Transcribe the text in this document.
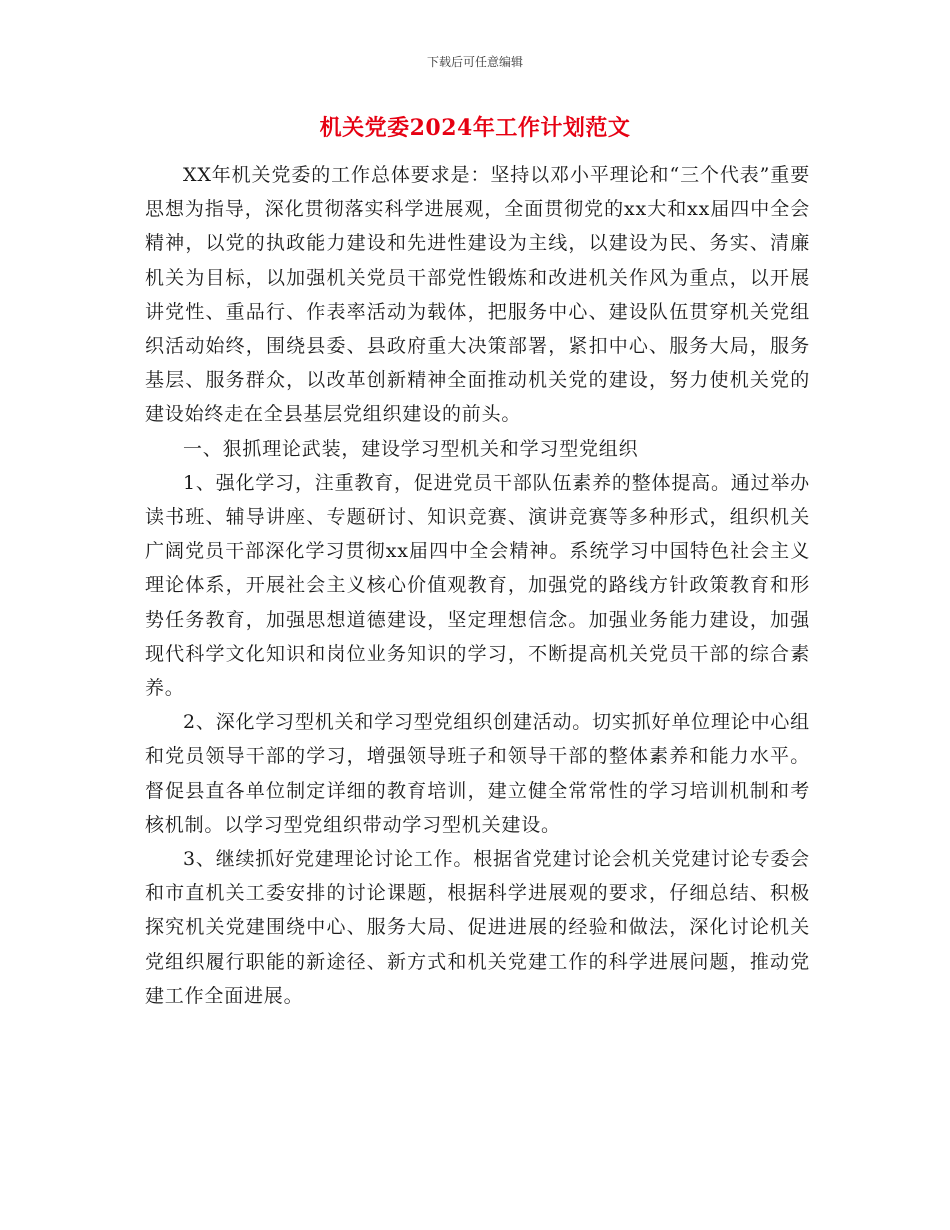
下载后可任意编辑
机关党委2024年工作计划范文

XX年机关党委的工作总体要求是：坚持以邓小平理论和“三个代表”重要思想为指导，深化贯彻落实科学进展观，全面贯彻党的xx大和xx届四中全会精神，以党的执政能力建设和先进性建设为主线，以建设为民、务实、清廉机关为目标，以加强机关党员干部党性锻炼和改进机关作风为重点，以开展讲党性、重品行、作表率活动为载体，把服务中心、建设队伍贯穿机关党组织活动始终，围绕县委、县政府重大决策部署，紧扣中心、服务大局，服务基层、服务群众，以改革创新精神全面推动机关党的建设，努力使机关党的建设始终走在全县基层党组织建设的前头。

一、狠抓理论武装，建设学习型机关和学习型党组织

1、强化学习，注重教育，促进党员干部队伍素养的整体提高。通过举办读书班、辅导讲座、专题研讨、知识竞赛、演讲竞赛等多种形式，组织机关广阔党员干部深化学习贯彻xx届四中全会精神。系统学习中国特色社会主义理论体系，开展社会主义核心价值观教育，加强党的路线方针政策教育和形势任务教育，加强思想道德建设，坚定理想信念。加强业务能力建设，加强现代科学文化知识和岗位业务知识的学习，不断提高机关党员干部的综合素养。

2、深化学习型机关和学习型党组织创建活动。切实抓好单位理论中心组和党员领导干部的学习，增强领导班子和领导干部的整体素养和能力水平。督促县直各单位制定详细的教育培训，建立健全常常性的学习培训机制和考核机制。以学习型党组织带动学习型机关建设。

3、继续抓好党建理论讨论工作。根据省党建讨论会机关党建讨论专委会和市直机关工委安排的讨论课题，根据科学进展观的要求，仔细总结、积极探究机关党建围绕中心、服务大局、促进进展的经验和做法，深化讨论机关党组织履行职能的新途径、新方式和机关党建工作的科学进展问题，推动党建工作全面进展。
